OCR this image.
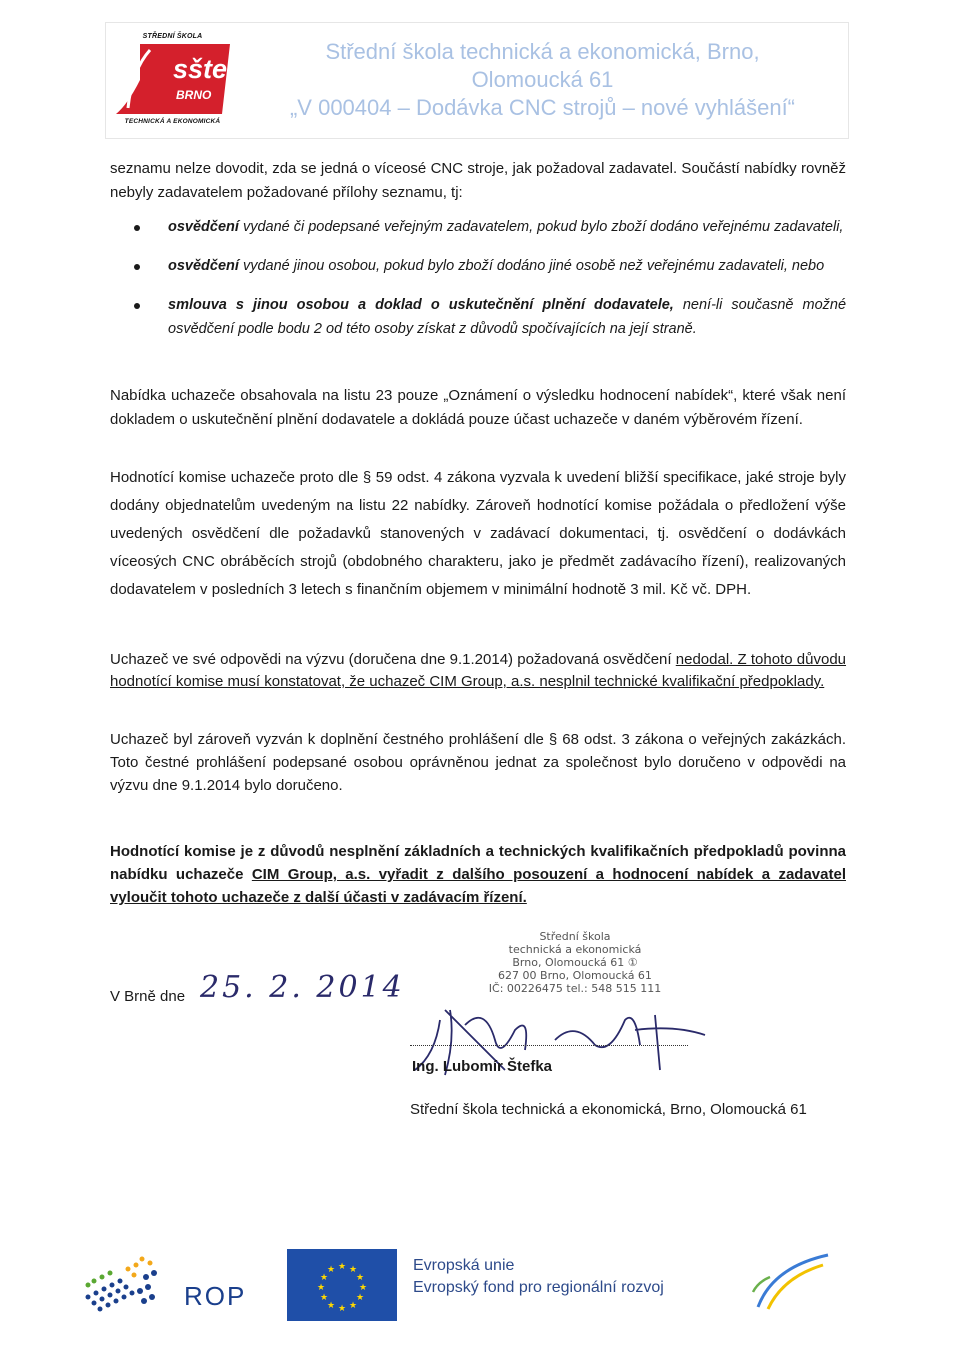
STŘEDNÍ ŠKOLA
sšte
BRNO
TECHNICKÁ A EKONOMICKÁ
Střední škola technická a ekonomická, Brno,
Olomoucká 61
„V 000404 – Dodávka CNC strojů – nové vyhlášení“

seznamu nelze dovodit, zda se jedná o víceosé CNC stroje, jak požadoval zadavatel. Součástí nabídky rovněž nebyly zadavatelem požadované přílohy seznamu, tj:

osvědčení vydané či podepsané veřejným zadavatelem, pokud bylo zboží dodáno veřejnému zadavateli,
osvědčení vydané jinou osobou, pokud bylo zboží dodáno jiné osobě než veřejnému zadavateli, nebo
smlouva s jinou osobou a doklad o uskutečnění plnění dodavatele, není-li současně možné osvědčení podle bodu 2 od této osoby získat z důvodů spočívajících na její straně.

Nabídka uchazeče obsahovala na listu 23 pouze „Oznámení o výsledku hodnocení nabídek“, které však není dokladem o uskutečnění plnění dodavatele a dokládá pouze účast uchazeče v daném výběrovém řízení.

Hodnotící komise uchazeče proto dle § 59 odst. 4 zákona vyzvala k uvedení bližší specifikace, jaké stroje byly dodány objednatelům uvedeným na listu 22 nabídky. Zároveň hodnotící komise požádala o předložení výše uvedených osvědčení dle požadavků stanovených v zadávací dokumentaci, tj. osvědčení o dodávkách víceosých CNC obráběcích strojů (obdobného charakteru, jako je předmět zadávacího řízení), realizovaných dodavatelem v posledních 3 letech s finančním objemem v minimální hodnotě 3 mil. Kč vč. DPH.

Uchazeč ve své odpovědi na výzvu (doručena dne 9.1.2014) požadovaná osvědčení nedodal. Z tohoto důvodu hodnotící komise musí konstatovat, že uchazeč CIM Group, a.s. nesplnil technické kvalifikační předpoklady.

Uchazeč byl zároveň vyzván k doplnění čestného prohlášení dle § 68 odst. 3 zákona o veřejných zakázkách. Toto čestné prohlášení podepsané osobou oprávněnou jednat za společnost bylo doručeno v odpovědi na výzvu dne 9.1.2014 bylo doručeno.

Hodnotící komise je z důvodů nesplnění základních a technických kvalifikačních předpokladů povinna nabídku uchazeče CIM Group, a.s. vyřadit z dalšího posouzení a hodnocení nabídek a zadavatel vyloučit tohoto uchazeče z další účasti v zadávacím řízení.

V Brně dne 25. 2. 2014
Střední škola
technická a ekonomická
Brno, Olomoucká 61 ①
627 00 Brno, Olomoucká 61
IČ: 00226475 tel.: 548 515 111
Ing. Lubomír Štefka
Střední škola technická a ekonomická, Brno, Olomoucká 61
ROP
★ ★
★
★
★
★
★
★
★
★
★
★	Evropská unie
Evropský fond pro regionální rozvoj
